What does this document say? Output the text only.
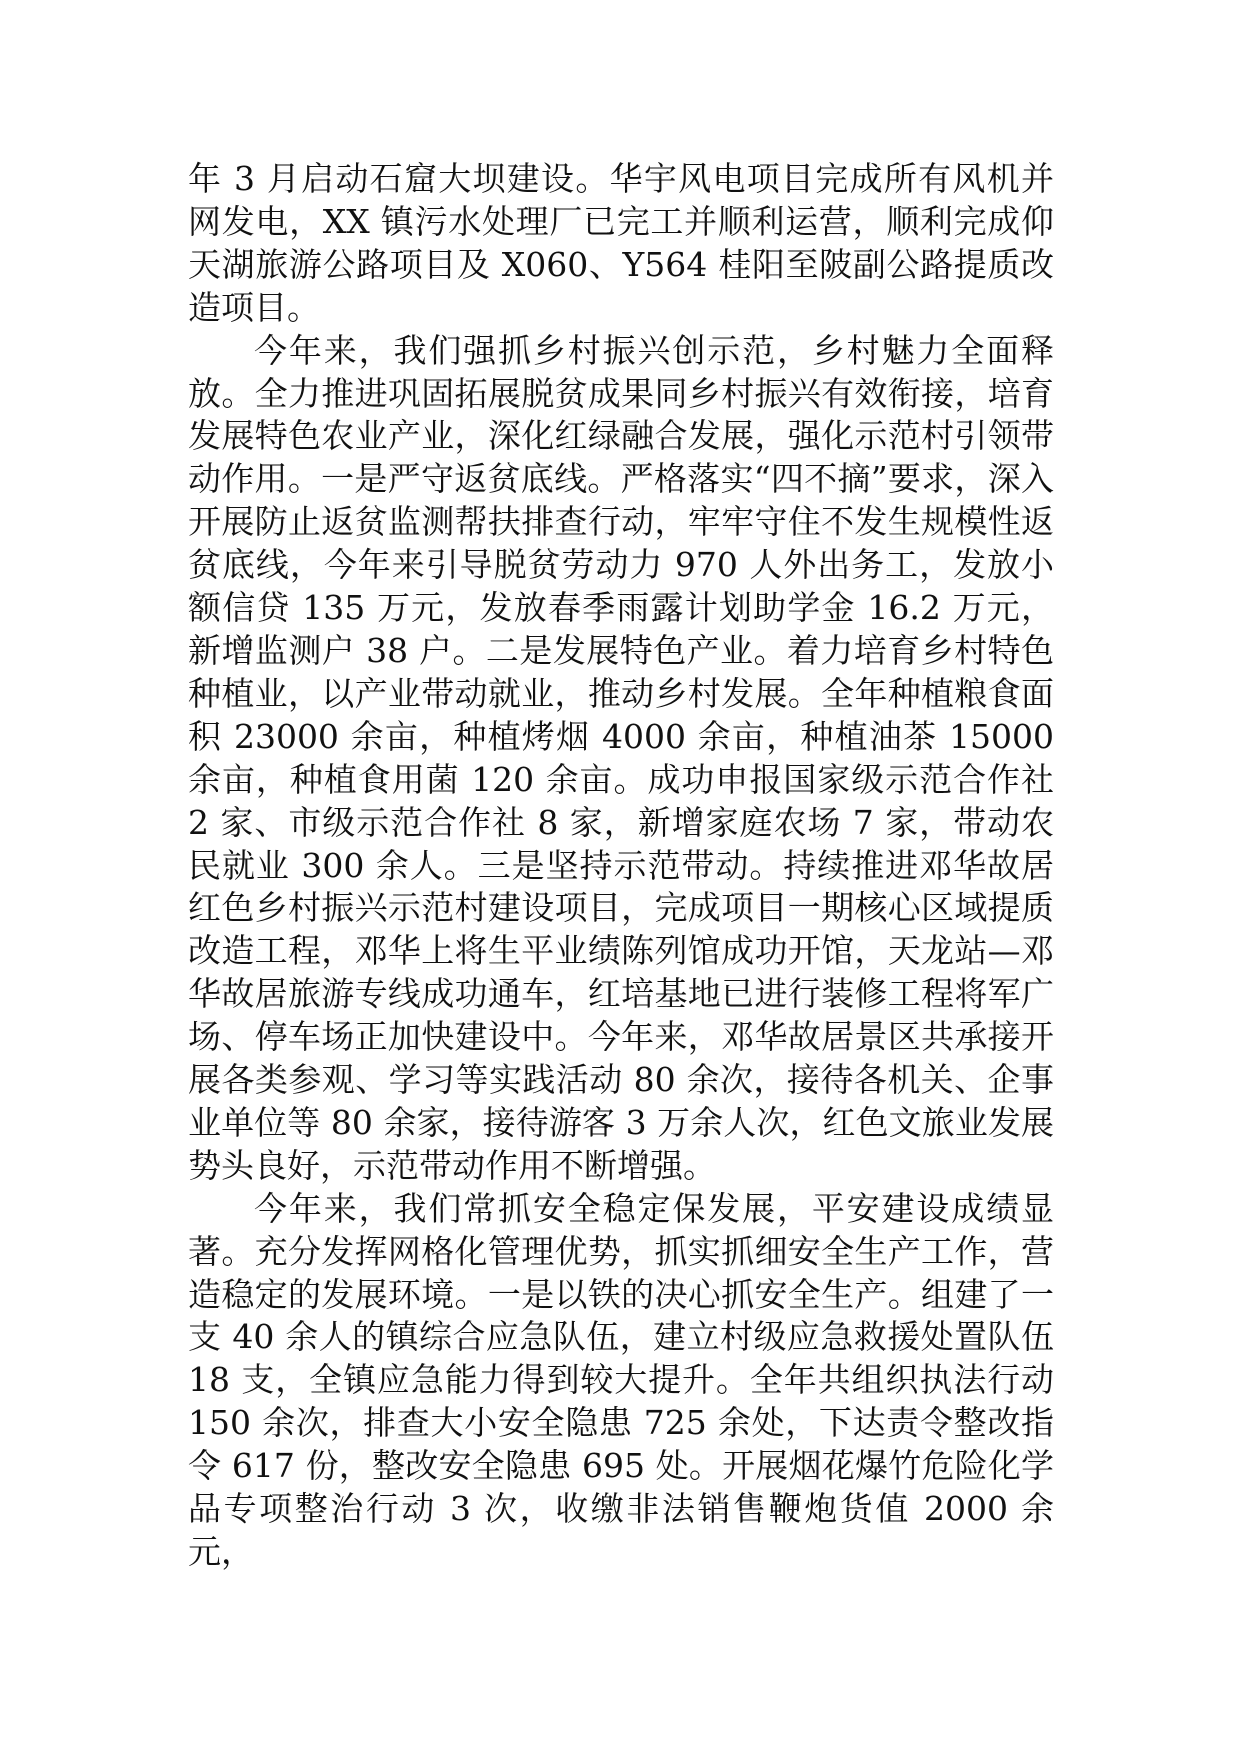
年 3 月启动石窟大坝建设。华宇风电项目完成所有风机并网发电，XX 镇污水处理厂已完工并顺利运营，顺利完成仰天湖旅游公路项目及 X060、Y564 桂阳至陂副公路提质改造项目。

今年来，我们强抓乡村振兴创示范，乡村魅力全面释放。全力推进巩固拓展脱贫成果同乡村振兴有效衔接，培育发展特色农业产业，深化红绿融合发展，强化示范村引领带动作用。一是严守返贫底线。严格落实“四不摘”要求，深入开展防止返贫监测帮扶排查行动，牢牢守住不发生规模性返贫底线，今年来引导脱贫劳动力 970 人外出务工，发放小额信贷 135 万元，发放春季雨露计划助学金 16.2 万元，新增监测户 38 户。二是发展特色产业。着力培育乡村特色种植业，以产业带动就业，推动乡村发展。全年种植粮食面积 23000 余亩，种植烤烟 4000 余亩，种植油茶 15000 余亩，种植食用菌 120 余亩。成功申报国家级示范合作社 2 家、市级示范合作社 8 家，新增家庭农场 7 家，带动农民就业 300 余人。三是坚持示范带动。持续推进邓华故居红色乡村振兴示范村建设项目，完成项目一期核心区域提质改造工程，邓华上将生平业绩陈列馆成功开馆，天龙站—邓华故居旅游专线成功通车，红培基地已进行装修工程将军广场、停车场正加快建设中。今年来，邓华故居景区共承接开展各类参观、学习等实践活动 80 余次，接待各机关、企事业单位等 80 余家，接待游客 3 万余人次，红色文旅业发展势头良好，示范带动作用不断增强。

今年来，我们常抓安全稳定保发展，平安建设成绩显著。充分发挥网格化管理优势，抓实抓细安全生产工作，营造稳定的发展环境。一是以铁的决心抓安全生产。组建了一支 40 余人的镇综合应急队伍，建立村级应急救援处置队伍 18 支，全镇应急能力得到较大提升。全年共组织执法行动 150 余次，排查大小安全隐患 725 余处，下达责令整改指令 617 份，整改安全隐患 695 处。开展烟花爆竹危险化学品专项整治行动 3 次，收缴非法销售鞭炮货值 2000 余元，
